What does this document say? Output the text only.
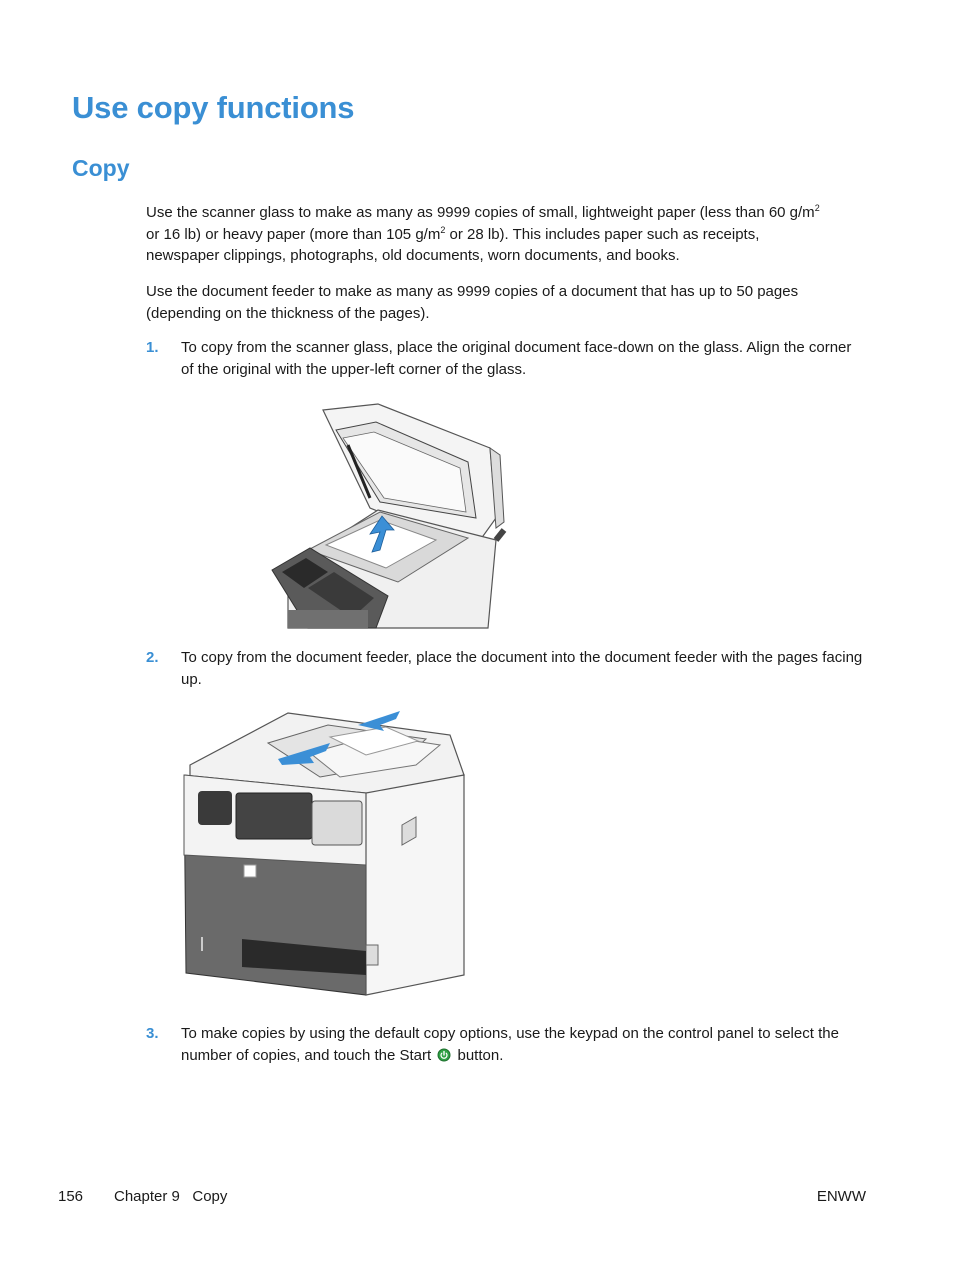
Use copy functions
Copy

Use the scanner glass to make as many as 9999 copies of small, lightweight paper (less than 60 $g/m^2$
or 16 lb) or heavy paper (more than 105 $g/m^2$ or 28 lb). This includes paper such as receipts,
newspaper clippings, photographs, old documents, worn documents, and books.

Use the document feeder to make as many as 9999 copies of a document that has up to 50 pages (depending on the thickness of the pages).

1. To copy from the scanner glass, place the original document face-down on the glass. Align the corner of the original with the upper-left corner of the glass.
2. To copy from the document feeder, place the document into the document feeder with the pages facing up.
3. To make copies by using the default copy options, use the keypad on the control panel to select the number of copies, and touch the Start button.
156 Chapter 9   Copy	ENWW
